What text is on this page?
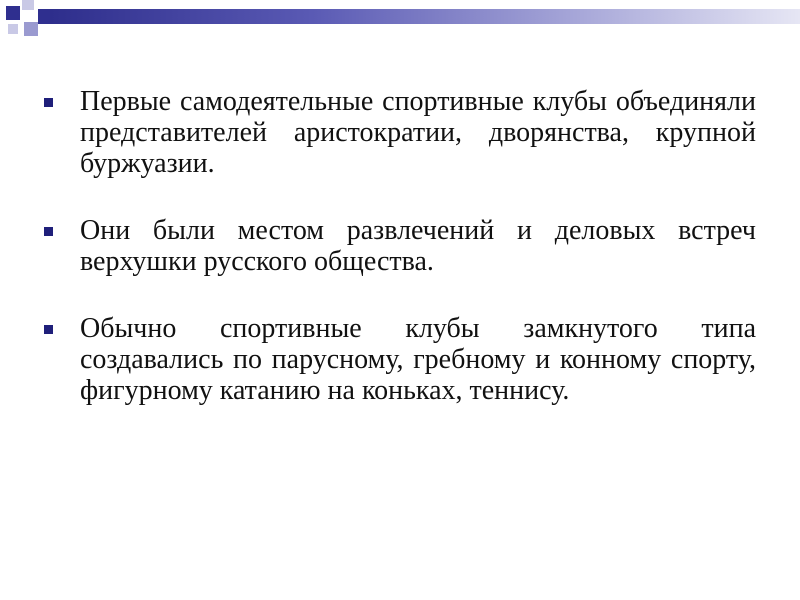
Первые самодеятельные спортивные клубы объединяли представителей аристократии, дворянства, крупной буржуазии.

Они были местом развлечений и деловых встреч верхушки русского общества.

Обычно спортивные клубы замкнутого типа создавались по парусному, гребному и конному спорту, фигурному катанию на коньках, теннису.
